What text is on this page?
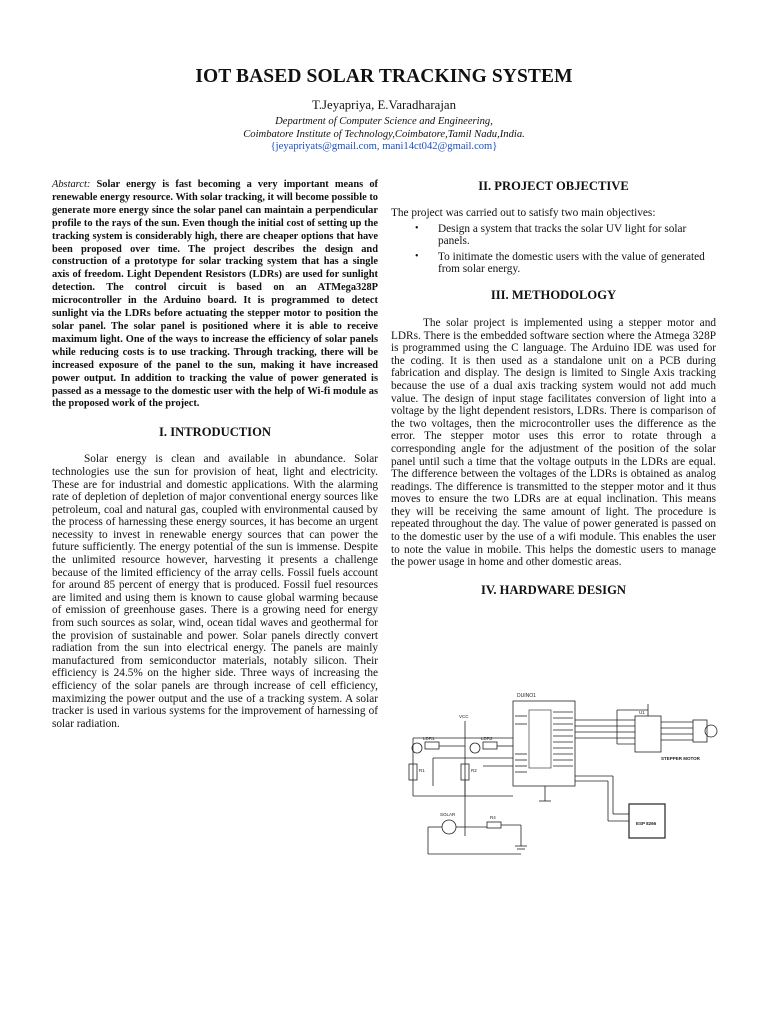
IOT BASED SOLAR TRACKING SYSTEM
T.Jeyapriya, E.Varadharajan
Department of Computer Science and Engineering,
Coimbatore Institute of Technology,Coimbatore,Tamil Nadu,India.
{jeyapriyats@gmail.com, mani14ct042@gmail.com}

Abstarct: Solar energy is fast becoming a very important means of renewable energy resource. With solar tracking, it will become possible to generate more energy since the solar panel can maintain a perpendicular profile to the rays of the sun. Even though the initial cost of setting up the tracking system is considerably high, there are cheaper options that have been proposed over time. The project describes the design and construction of a prototype for solar tracking system that has a single axis of freedom. Light Dependent Resistors (LDRs) are used for sunlight detection. The control circuit is based on an ATMega328P microcontroller in the Arduino board. It is programmed to detect sunlight via the LDRs before actuating the stepper motor to position the solar panel. The solar panel is positioned where it is able to receive maximum light. One of the ways to increase the efficiency of solar panels while reducing costs is to use tracking. Through tracking, there will be increased exposure of the panel to the sun, making it have increased power output. In addition to tracking the value of power generated is passed as a message to the domestic user with the help of Wi-fi module as the proposed work of the project.

I. INTRODUCTION

Solar energy is clean and available in abundance. Solar technologies use the sun for provision of heat, light and electricity. These are for industrial and domestic applications. With the alarming rate of depletion of depletion of major conventional energy sources like petroleum, coal and natural gas, coupled with environmental caused by the process of harnessing these energy sources, it has become an urgent necessity to invest in renewable energy sources that can power the future sufficiently. The energy potential of the sun is immense. Despite the unlimited resource however, harvesting it presents a challenge because of the limited efficiency of the array cells. Fossil fuels account for around 85 percent of energy that is produced. Fossil fuel resources are limited and using them is known to cause global warming because of emission of greenhouse gases. There is a growing need for energy from such sources as solar, wind, ocean tidal waves and geothermal for the provision of sustainable and power. Solar panels directly convert radiation from the sun into electrical energy. The panels are mainly manufactured from semiconductor materials, notably silicon. Their efficiency is 24.5% on the higher side. Three ways of increasing the efficiency of the solar panels are through increase of cell efficiency, maximizing the power output and the use of a tracking system. A solar tracker is used in various systems for the improvement of harnessing of solar radiation.

II. PROJECT OBJECTIVE

The project was carried out to satisfy two main objectives:

• Design a system that tracks the solar UV light for solar panels.
• To initimate the domestic users with the value of generated from solar energy.
III. METHODOLOGY

The solar project is implemented using a stepper motor and LDRs. There is the embedded software section where the Atmega 328P is programmed using the C language. The Arduino IDE was used for the coding. It is then used as a standalone unit on a PCB during fabrication and display. The design is limited to Single Axis tracking because the use of a dual axis tracking system would not add much value. The design of input stage facilitates conversion of light into a voltage by the light dependent resistors, LDRs. There is comparison of the two voltages, then the microcontroller uses the difference as the error. The stepper motor uses this error to rotate through a corresponding angle for the adjustment of the position of the solar panel until such a time that the voltage outputs in the LDRs are equal. The difference between the voltages of the LDRs is obtained as analog readings. The difference is transmitted to the stepper motor and it thus moves to ensure the two LDRs are at equal inclination. This means they will be receiving the same amount of light. The procedure is repeated throughout the day. The value of power generated is passed on to the domestic user by the use of a wifi module. This enables the user to note the value in mobile. This helps the domestic users to manage the power usage in home and other domestic areas.

IV. HARDWARE DESIGN
DUINO1
VCC
LDR1	LDR2
R1	R2
SOLAR
R4
U1
STEPPER MOTOR
ESP 8266
